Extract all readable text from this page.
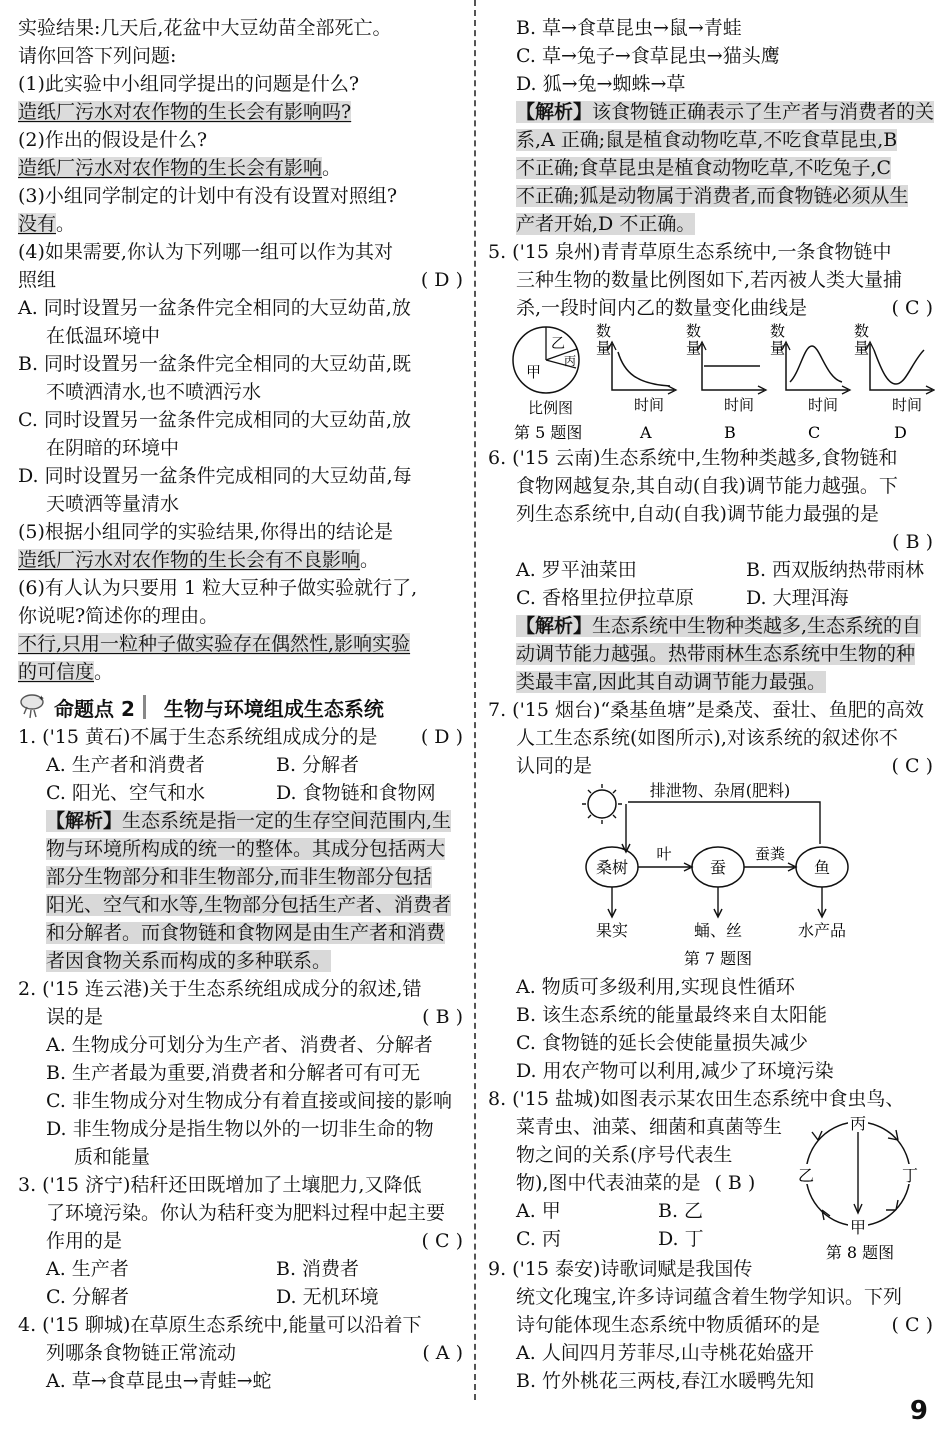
实验结果:几天后,花盆中大豆幼苗全部死亡。
请你回答下列问题:
(1)此实验中小组同学提出的问题是什么?
造纸厂污水对农作物的生长会有影响吗?
(2)作出的假设是什么?
造纸厂污水对农作物的生长会有影响。
(3)小组同学制定的计划中有没有设置对照组?
没有。
(4)如果需要,你认为下列哪一组可以作为其对
照组	( D )
A. 同时设置另一盆条件完全相同的大豆幼苗,放
在低温环境中
B. 同时设置另一盆条件完全相同的大豆幼苗,既
不喷洒清水,也不喷洒污水
C. 同时设置另一盆条件完成相同的大豆幼苗,放
在阴暗的环境中
D. 同时设置另一盆条件完成相同的大豆幼苗,每
天喷洒等量清水
(5)根据小组同学的实验结果,你得出的结论是
造纸厂污水对农作物的生长会有不良影响。
(6)有人认为只要用 1 粒大豆种子做实验就行了,
你说呢?简述你的理由。
不行,只用一粒种子做实验存在偶然性,影响实验
的可信度。
✦ 命题点 2 生物与环境组成生态系统
1. ('15 黄石)不属于生态系统组成成分的是 ( D )
A. 生产者和消费者	B. 分解者
C. 阳光、空气和水	D. 食物链和食物网
【解析】生态系统是指一定的生存空间范围内,生
物与环境所构成的统一的整体。其成分包括两大
部分生物部分和非生物部分,而非生物部分包括
阳光、空气和水等,生物部分包括生产者、消费者
和分解者。而食物链和食物网是由生产者和消费
者因食物关系而构成的多种联系。
2. ('15 连云港)关于生态系统组成成分的叙述,错
误的是	( B )
A. 生物成分可划分为生产者、消费者、分解者
B. 生产者最为重要,消费者和分解者可有可无
C. 非生物成分对生物成分有着直接或间接的影响
D. 非生物成分是指生物以外的一切非生命的物
质和能量
3. ('15 济宁)秸秆还田既增加了土壤肥力,又降低
了环境污染。你认为秸秆变为肥料过程中起主要
作用的是	( C )
A. 生产者	B. 消费者
C. 分解者	D. 无机环境
4. ('15 聊城)在草原生态系统中,能量可以沿着下
列哪条食物链正常流动	( A )
A. 草→食草昆虫→青蛙→蛇
B. 草→食草昆虫→鼠→青蛙
C. 草→兔子→食草昆虫→猫头鹰
D. 狐→兔→蜘蛛→草
【解析】该食物链正确表示了生产者与消费者的关
系,A 正确;鼠是植食动物吃草,不吃食草昆虫,B
不正确;食草昆虫是植食动物吃草,不吃兔子,C
不正确;狐是动物属于消费者,而食物链必须从生
产者开始,D 不正确。
5. ('15 泉州)青青草原生态系统中,一条食物链中
三种生物的数量比例图如下,若丙被人类大量捕
杀,一段时间内乙的数量变化曲线是	( C )
甲
乙
丙
比例图
数
量
时间
数
量
时间
数
量
时间
数
量
时间
第 5 题图	A	B	C	D
6. ('15 云南)生态系统中,生物种类越多,食物链和
食物网越复杂,其自动(自我)调节能力越强。下
列生态系统中,自动(自我)调节能力最强的是
( B )
A. 罗平油菜田	B. 西双版纳热带雨林
C. 香格里拉伊拉草原	D. 大理洱海
【解析】生态系统中生物种类越多,生态系统的自
动调节能力越强。热带雨林生态系统中生物的种
类最丰富,因此其自动调节能力最强。
7. ('15 烟台)“桑基鱼塘”是桑茂、蚕壮、鱼肥的高效
人工生态系统(如图所示),对该系统的叙述你不
认同的是	( C )
排泄物、杂屑(肥料)
桑树	蚕	鱼
叶	蚕粪
果实	蛹、丝	水产品
第 7 题图
A. 物质可多级利用,实现良性循环
B. 该生态系统的能量最终来自太阳能
C. 食物链的延长会使能量损失减少
D. 用农产物可以利用,减少了环境污染
8. ('15 盐城)如图表示某农田生态系统中食虫鸟、
菜青虫、油菜、细菌和真菌等生
物之间的关系(序号代表生
物),图中代表油菜的是 ( B )
A. 甲	B. 乙
C. 丙	D. 丁
丙
乙	丁
甲
第 8 题图
9. ('15 泰安)诗歌词赋是我国传
统文化瑰宝,许多诗词蕴含着生物学知识。下列
诗句能体现生态系统中物质循环的是	( C )
A. 人间四月芳菲尽,山寺桃花始盛开
B. 竹外桃花三两枝,春江水暖鸭先知
9
